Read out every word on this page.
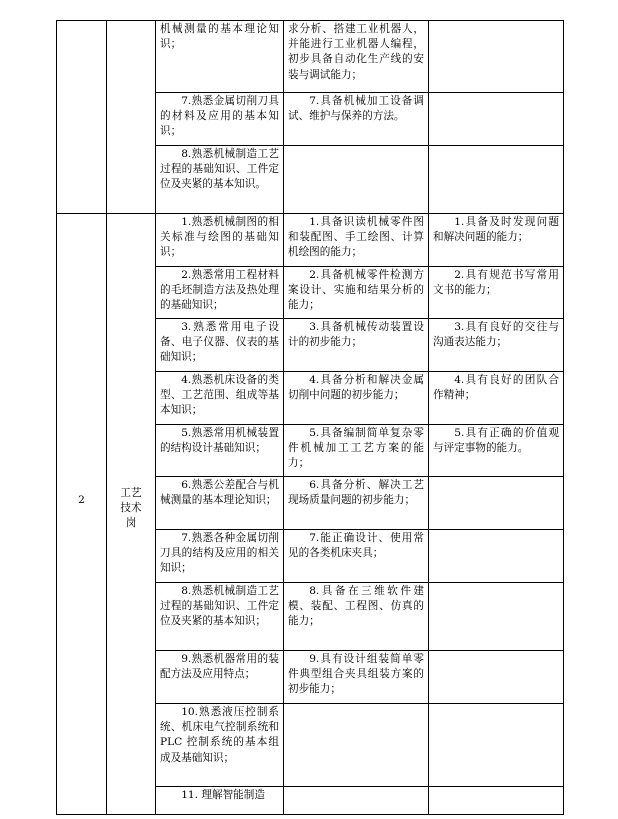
机械测量的基本理论知识；
求分析、搭建工业机器人，并能进行工业机器人编程，初步具备自动化生产线的安装与调试能力；
7.熟悉金属切削刀具的材料及应用的基本知识；
7.具备机械加工设备调试、维护与保养的方法。
8.熟悉机械制造工艺过程的基础知识、工件定位及夹紧的基本知识。
2
工艺技术岗
1.熟悉机械制图的相关标准与绘图的基础知识；
1.具备识读机械零件图和装配图、手工绘图、计算机绘图的能力；
1.具备及时发现问题和解决问题的能力；
2.熟悉常用工程材料的毛坯制造方法及热处理的基础知识；
2.具备机械零件检测方案设计、实施和结果分析的能力；
2.具有规范书写常用文书的能力；
3.熟悉常用电子设备、电子仪器、仪表的基础知识；
3.具备机械传动装置设计的初步能力；
3.具有良好的交往与沟通表达能力；
4.熟悉机床设备的类型、工艺范围、组成等基本知识；
4.具备分析和解决金属切削中问题的初步能力；
4.具有良好的团队合作精神；
5.熟悉常用机械装置的结构设计基础知识；
5.具备编制简单复杂零件机械加工工艺方案的能力；
5.具有正确的价值观与评定事物的能力。
6.熟悉公差配合与机械测量的基本理论知识；
6.具备分析、解决工艺现场质量问题的初步能力；
7.熟悉各种金属切削刀具的结构及应用的相关知识；
7.能正确设计、使用常见的各类机床夹具；
8.熟悉机械制造工艺过程的基础知识、工件定位及夹紧的基本知识；
8.具备在三维软件建模、装配、工程图、仿真的能力；
9.熟悉机器常用的装配方法及应用特点；
9.具有设计组装简单零件典型组合夹具组装方案的初步能力；
10.熟悉液压控制系统、机床电气控制系统和 PLC 控制系统的基本组成及基础知识；
11. 理解智能制造
